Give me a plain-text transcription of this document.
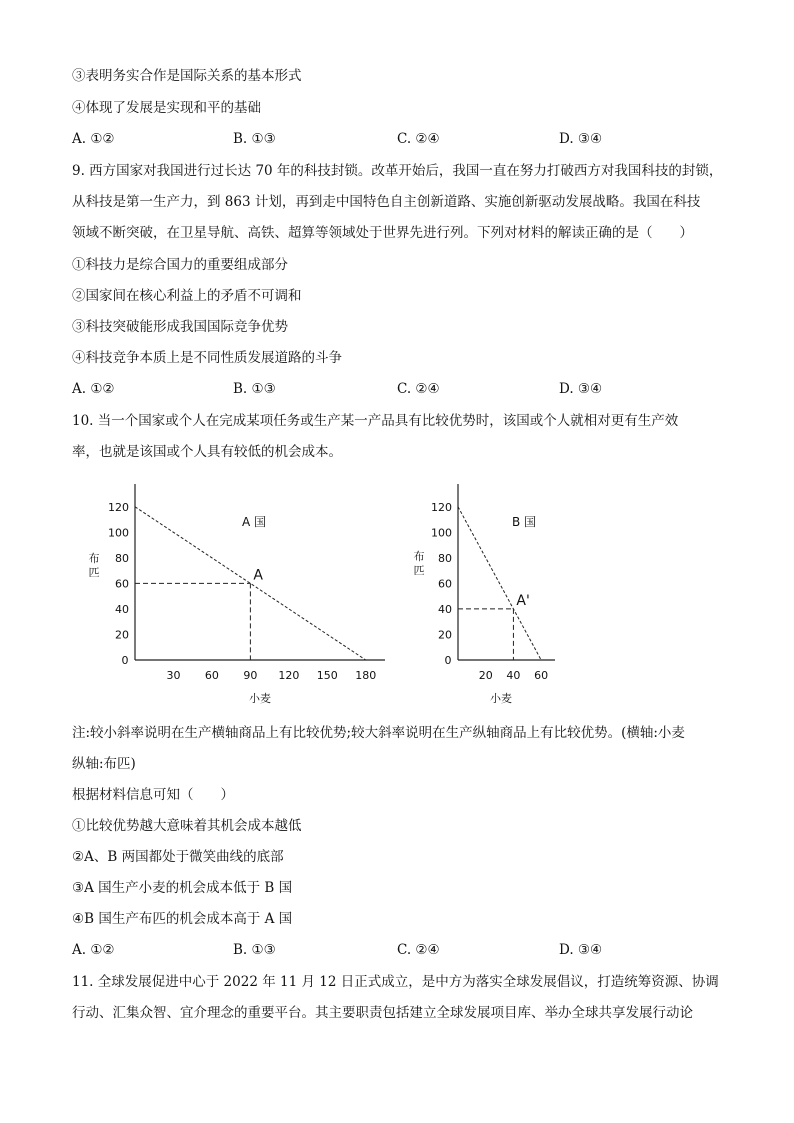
③表明务实合作是国际关系的基本形式
④体现了发展是实现和平的基础
A. ①②	B. ①③	C. ②④	D. ③④
9. 西方国家对我国进行过长达 70 年的科技封锁。改革开始后，我国一直在努力打破西方对我国科技的封锁，
从科技是第一生产力，到 863 计划，再到走中国特色自主创新道路、实施创新驱动发展战略。我国在科技
领域不断突破，在卫星导航、高铁、超算等领域处于世界先进行列。下列对材料的解读正确的是（　　）
①科技力是综合国力的重要组成部分
②国家间在核心利益上的矛盾不可调和
③科技突破能形成我国国际竞争优势
④科技竞争本质上是不同性质发展道路的斗争
A. ①②	B. ①③	C. ②④	D. ③④
10. 当一个国家或个人在完成某项任务或生产某一产品具有比较优势时，该国或个人就相对更有生产效
率，也就是该国或个人具有较低的机会成本。
0
20
40
60
80
100
120
30 60 90 120 150 180
A
A 国
布
匹
小麦
0
20
40
60
80
100
120
20 40 60
A'
B 国
布
匹
小麦
注:较小斜率说明在生产横轴商品上有比较优势;较大斜率说明在生产纵轴商品上有比较优势。(横轴:小麦
纵轴:布匹)
根据材料信息可知（　　）
①比较优势越大意味着其机会成本越低
②A、B 两国都处于微笑曲线的底部
③A 国生产小麦的机会成本低于 B 国
④B 国生产布匹的机会成本高于 A 国
A. ①②	B. ①③	C. ②④	D. ③④
11. 全球发展促进中心于 2022 年 11 月 12 日正式成立，是中方为落实全球发展倡议，打造统筹资源、协调
行动、汇集众智、宜介理念的重要平台。其主要职责包括建立全球发展项目库、举办全球共享发展行动论
